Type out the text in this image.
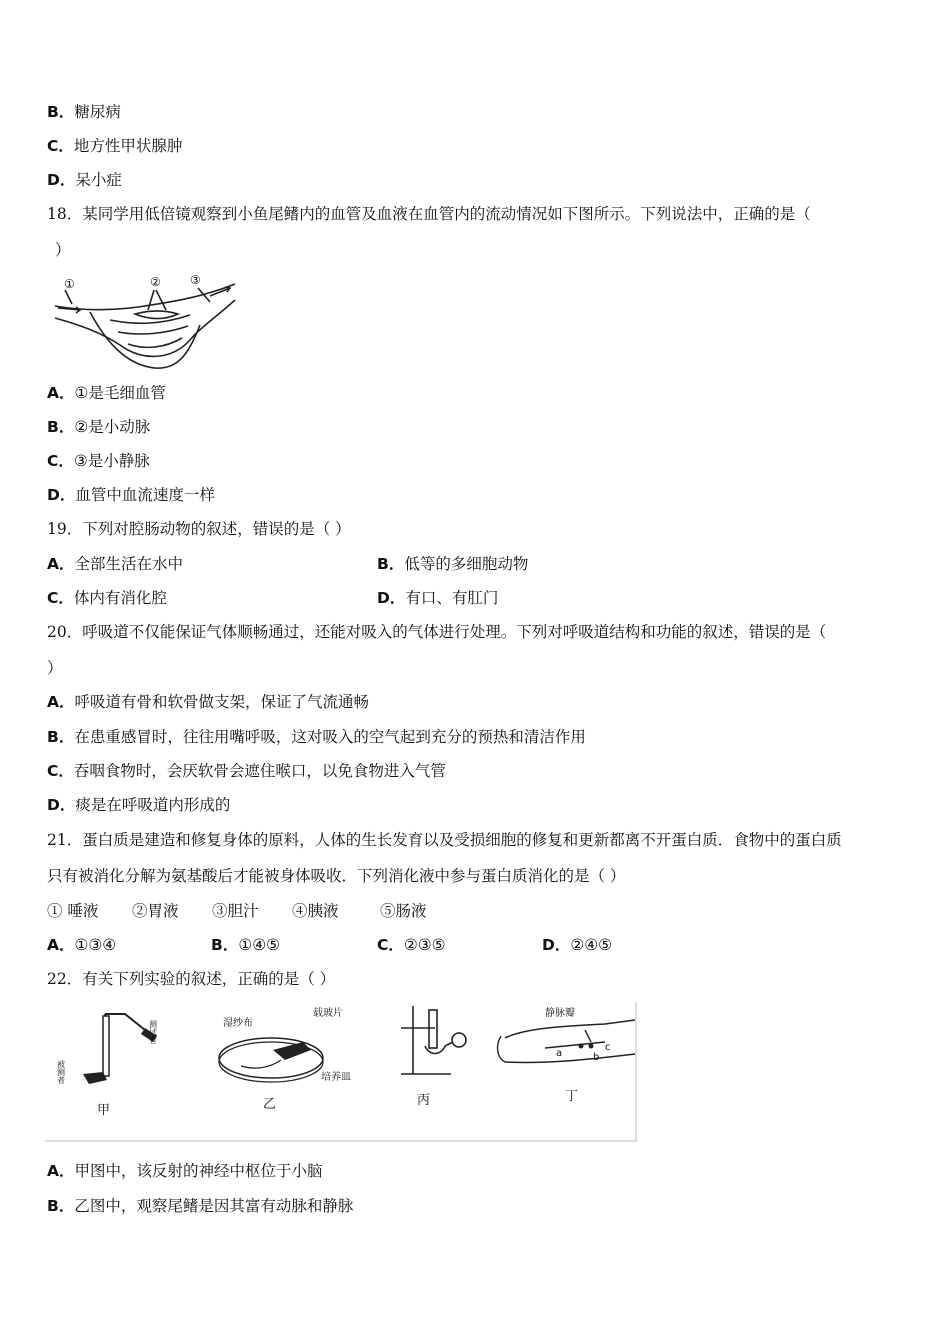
B．糖尿病
C．地方性甲状腺肿
D．呆小症
18．某同学用低倍镜观察到小鱼尾鳍内的血管及血液在血管内的流动情况如下图所示。下列说法中，正确的是（
）
①	② ③
A．①是毛细血管
B．②是小动脉
C．③是小静脉
D．血管中血流速度一样
19．下列对腔肠动物的叙述，错误的是（ ）
A．全部生活在水中	B．低等的多细胞动物
C．体内有消化腔	D．有口、有肛门
20．呼吸道不仅能保证气体顺畅通过，还能对吸入的气体进行处理。下列对呼吸道结构和功能的叙述，错误的是（
）
A．呼吸道有骨和软骨做支架，保证了气流通畅
B．在患重感冒时，往往用嘴呼吸，这对吸入的空气起到充分的预热和清洁作用
C．吞咽食物时，会厌软骨会遮住喉口，以免食物进入气管
D．痰是在呼吸道内形成的
21．蛋白质是建造和修复身体的原料，人体的生长发育以及受损细胞的修复和更新都离不开蛋白质．食物中的蛋白质
只有被消化分解为氨基酸后才能被身体吸收．下列消化液中参与蛋白质消化的是（ ）
① 唾液 ②胃液 ③胆汁 ④胰液	⑤肠液
A．①③④	B．①④⑤	C．②③⑤	D．②④⑤
22．有关下列实验的叙述，正确的是（ ）
测试者
被测者
甲
湿纱布
载玻片
培养皿
乙	丙
静脉瓣
a	b
c
丁
A．甲图中，该反射的神经中枢位于小脑
B．乙图中，观察尾鳍是因其富有动脉和静脉
